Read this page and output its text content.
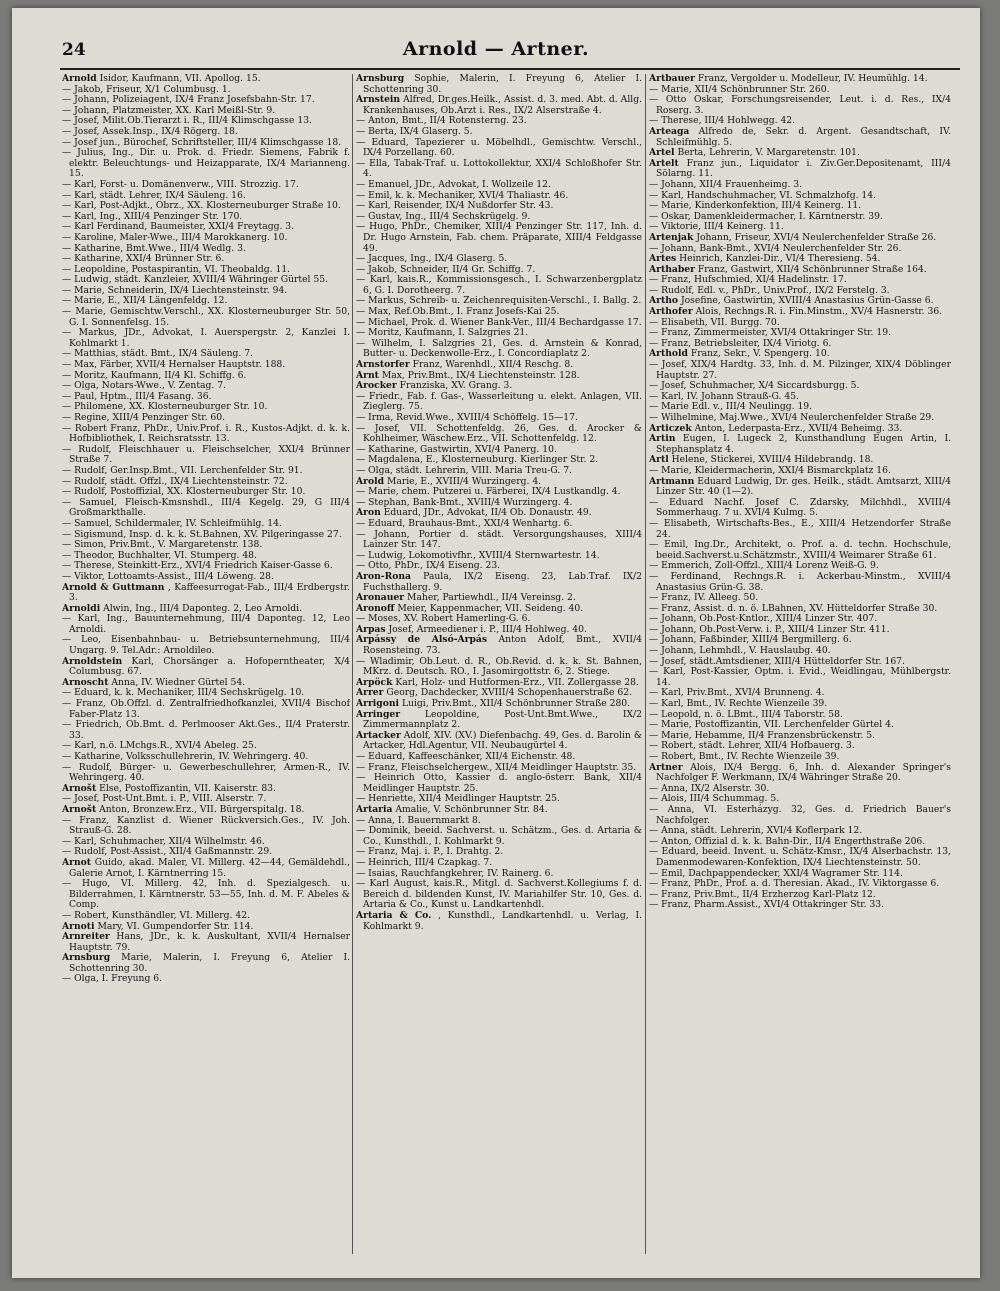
24	Arnold — Artner.

Arnold Isidor, Kaufmann, VII. Apollog. 15.

— Jakob, Friseur, X/1 Columbusg. 1.

— Johann, Polizeiagent, IX/4 Franz Josefsbahn-Str. 17.

— Johann, Platzmeister, XX. Karl Meißl-Str. 9.

— Josef, Milit.Ob.Tierarzt i. R., III/4 Klimschgasse 13.

— Josef, Assek.Insp., IX/4 Rögerg. 18.

— Josef jun., Bürochef, Schriftsteller, III/4 Klimschgasse 18.

— Julius, Ing., Dir. u. Prok. d. Friedr. Siemens, Fabrik f. elektr. Beleuchtungs- und Heizapparate, IX/4 Marianneng. 15.

— Karl, Forst- u. Domänenverw., VIII. Strozzig. 17.

— Karl, städt. Lehrer, IX/4 Säuleng. 16.

— Karl, Post-Adjkt., Obrz., XX. Klosterneuburger Straße 10.

— Karl, Ing., XIII/4 Penzinger Str. 170.

— Karl Ferdinand, Baumeister, XXI/4 Freytagg. 3.

— Karoline, Maler-Wwe., III/4 Marokkanerg. 10.

— Katharine, Bmt.Wwe., III/4 Wedlg. 3.

— Katharine, XXI/4 Brünner Str. 6.

— Leopoldine, Postaspirantin, VI. Theobaldg. 11.

— Ludwig, städt. Kanzleier, XVIII/4 Währinger Gürtel 55.

— Marie, Schneiderin, IX/4 Liechtensteinstr. 94.

— Marie, E., XII/4 Längenfeldg. 12.

— Marie, Gemischtw.Verschl., XX. Klosterneuburger Str. 50, G. I. Sonnenfelsg. 15.

— Markus, JDr., Advokat, I. Auerspergstr. 2, Kanzlei I. Kohlmarkt 1.

— Matthias, städt. Bmt., IX/4 Säuleng. 7.

— Max, Färber, XVII/4 Hernalser Hauptstr. 188.

— Moritz, Kaufmann, II/4 Kl. Schiffg. 6.

— Olga, Notars-Wwe., V. Zentag. 7.

— Paul, Hptm., III/4 Fasang. 36.

— Philomene, XX. Klosterneuburger Str. 10.

— Regine, XIII/4 Penzinger Str. 60.

— Robert Franz, PhDr., Univ.Prof. i. R., Kustos-Adjkt. d. k. k. Hofbibliothek, I. Reichsratsstr. 13.

— Rudolf, Fleischhauer u. Fleischselcher, XXI/4 Brünner Straße 7.

— Rudolf, Ger.Insp.Bmt., VII. Lerchenfelder Str. 91.

— Rudolf, städt. Offzl., IX/4 Liechtensteinstr. 72.

— Rudolf, Postoffizial, XX. Klosterneuburger Str. 10.

— Samuel, Fleisch-Kmsnshdl., III/4 Kegelg. 29, G III/4 Großmarkthalle.

— Samuel, Schildermaler, IV. Schleifmühlg. 14.

— Sigismund, Insp. d. k. k. St.Bahnen, XV. Pilgeringasse 27.

— Simon, Priv.Bmt., V. Margaretenstr. 138.

— Theodor, Buchhalter, VI. Stumperg. 48.

— Therese, Steinkitt-Erz., XVI/4 Friedrich Kaiser-Gasse 6.

— Viktor, Lottoamts-Assist., III/4 Löweng. 28.

Arnold & Guttmann , Kaffeesurrogat-Fab., III/4 Erdbergstr. 3.

Arnoldi Alwin, Ing., III/4 Daponteg. 2, Leo Arnoldi.

— Karl, Ing., Bauunternehmung, III/4 Daponteg. 12, Leo Arnoldi.

— Leo, Eisenbahnbau- u. Betriebsunternehmung, III/4 Ungarg. 9. Tel.Adr.: Arnoldileo.

Arnoldstein Karl, Chorsänger a. Hofoperntheater, X/4 Columbusg. 67.

Arnoscht Anna, IV. Wiedner Gürtel 54.

— Eduard, k. k. Mechaniker, III/4 Sechskrügelg. 10.

— Franz, Ob.Offzl. d. Zentralfriedhofkanzlei, XVII/4 Bischof Faber-Platz 13.

— Friedrich, Ob.Bmt. d. Perlmooser Akt.Ges., II/4 Praterstr. 33.

— Karl, n.ö. LMchgs.R., XVI/4 Abeleg. 25.

— Katharine, Volksschullehrerin, IV. Wehringerg. 40.

— Rudolf, Bürger- u. Gewerbeschullehrer, Armen-R., IV. Wehringerg. 40.

Arnošt Else, Postoffizantin, VII. Kaiserstr. 83.

— Josef, Post-Unt.Bmt. i. P., VIII. Alserstr. 7.

Arnošt Anton, Bronzew.Erz., VII. Bürgerspitalg. 18.

— Franz, Kanzlist d. Wiener Rückversich.Ges., IV. Joh. Strauß-G. 28.

— Karl, Schuhmacher, XII/4 Wilhelmstr. 46.

— Rudolf, Post-Assist., XII/4 Gaßmannstr. 29.

Arnot Guido, akad. Maler, VI. Millerg. 42—44, Gemäldehdl., Galerie Arnot, I. Kärntnerring 15.

— Hugo, VI. Millerg. 42, Inh. d. Spezialgesch. u. Bilderrahmen, I. Kärntnerstr. 53—55, Inh. d. M. F. Abeles & Comp.

— Robert, Kunsthändler, VI. Millerg. 42.

Arnoti Mary, VI. Gumpendorfer Str. 114.

Arnreiter Hans, JDr., k. k. Auskultant, XVII/4 Hernalser Hauptstr. 79.

Arnsburg Marie, Malerin, I. Freyung 6, Atelier I. Schottenring 30.

— Olga, I. Freyung 6.

Arnsburg Sophie, Malerin, I. Freyung 6, Atelier I. Schottenring 30.

Arnstein Alfred, Dr.ges.Heilk., Assist. d. 3. med. Abt. d. Allg. Krankenhauses, Ob.Arzt i. Res., IX/2 Alserstraße 4.

— Anton, Bmt., II/4 Rotensterng. 23.

— Berta, IX/4 Glaserg. 5.

— Eduard, Tapezierer u. Möbelhdl., Gemischtw. Verschl., IX/4 Porzellang. 60.

— Ella, Tabak-Traf. u. Lottokollektur, XXI/4 Schloßhofer Str. 4.

— Emanuel, JDr., Advokat, I. Wollzeile 12.

— Emil, k. k. Mechaniker, XVI/4 Thaliastr. 46.

— Karl, Reisender, IX/4 Nußdorfer Str. 43.

— Gustav, Ing., III/4 Sechskrügelg. 9.

— Hugo, PhDr., Chemiker, XIII/4 Penzinger Str. 117, Inh. d. Dr. Hugo Arnstein, Fab. chem. Präparate, XIII/4 Feldgasse 49.

— Jacques, Ing., IX/4 Glaserg. 5.

— Jakob, Schneider, II/4 Gr. Schiffg. 7.

— Karl, kais.R., Kommissionsgesch., I. Schwarzenbergplatz 6, G. I. Dorotheerg. 7.

— Markus, Schreib- u. Zeichenrequisiten-Verschl., I. Ballg. 2.

— Max, Ref.Ob.Bmt., I. Franz Josefs-Kai 25.

— Michael, Prok. d. Wiener Bank-Ver., III/4 Bechardgasse 17.

— Moritz, Kaufmann, I. Salzgries 21.

— Wilhelm, I. Salzgries 21, Ges. d. Arnstein & Konrad, Butter- u. Deckenwolle-Erz., I. Concordiaplatz 2.

Arnstorfer Franz, Warenhdl., XII/4 Reschg. 8.

Arnt Max, Priv.Bmt., IX/4 Liechtensteinstr. 128.

Arocker Franziska, XV. Grang. 3.

— Friedr., Fab. f. Gas-, Wasserleitung u. elekt. Anlagen, VII. Zieglerg. 75.

— Irma, Revid.Wwe., XVIII/4 Schöffelg. 15—17.

— Josef, VII. Schottenfeldg. 26, Ges. d. Arocker & Kohlheimer, Wäschew.Erz., VII. Schottenfeldg. 12.

— Katharine, Gastwirtin, XVI/4 Panerg. 10.

— Magdalena, E., Klosterneuburg. Kierlinger Str. 2.

— Olga, städt. Lehrerin, VIII. Maria Treu-G. 7.

Arold Marie, E., XVIII/4 Wurzingerg. 4.

— Marie, chem. Putzerei u. Färberei, IX/4 Lustkandlg. 4.

— Stephan, Bank-Bmt., XVIII/4 Wurzingerg. 4.

Aron Eduard, JDr., Advokat, II/4 Ob. Donaustr. 49.

— Eduard, Brauhaus-Bmt., XXI/4 Wenhartg. 6.

— Johann, Portier d. städt. Versorgungshauses, XIII/4 Lainzer Str. 147.

— Ludwig, Lokomotivfhr., XVIII/4 Sternwartestr. 14.

— Otto, PhDr., IX/4 Eiseng. 23.

Aron-Rona Paula, IX/2 Eiseng. 23, Lab.Traf. IX/2 Fuchsthallerg. 9.

Aronauer Maher, Partiewhdl., II/4 Vereinsg. 2.

Aronoff Meier, Kappenmacher, VII. Seideng. 40.

— Moses, XV. Robert Hamerling-G. 6.

Arpas Josef, Armeediener i. P., III/4 Hohlweg. 40.

Arpássy de Alsó-Arpás Anton Adolf, Bmt., XVII/4 Rosensteing. 73.

— Wladimir, Ob.Leut. d. R., Ob.Revid. d. k. k. St. Bahnen, MKrz. d. Deutsch. RO., I. Jasomirgottstr. 6, 2. Stiege.

Arpöck Karl, Holz- und Hutformen-Erz., VII. Zollergasse 28.

Arrer Georg, Dachdecker, XVIII/4 Schopenhauerstraße 62.

Arrigoni Luigi, Priv.Bmt., XII/4 Schönbrunner Straße 280.

Arringer	Leopoldine, Post-Unt.Bmt.Wwe., IX/2 Zimmermannplatz 2.

Artacker Adolf, XIV. (XV.) Diefenbachg. 49, Ges. d. Barolin & Artacker, Hdl.Agentur, VII. Neubaugürtel 4.

— Eduard, Kaffeeschänker, XII/4 Eichenstr. 48.

— Franz, Fleischselchergew., XII/4 Meidlinger Hauptstr. 35.

— Heinrich Otto, Kassier d. anglo-österr. Bank, XII/4 Meidlinger Hauptstr. 25.

— Henriette, XII/4 Meidlinger Hauptstr. 25.

Artaria Amalie, V. Schönbrunner Str. 84.

— Anna, I. Bauernmarkt 8.

— Dominik, beeid. Sachverst. u. Schätzm., Ges. d. Artaria & Co., Kunsthdl., I. Kohlmarkt 9.

— Franz, Maj. i. P., I. Drahtg. 2.

— Heinrich, III/4 Czapkag. 7.

— Isaias, Rauchfangkehrer, IV. Rainerg. 6.

— Karl August, kais.R., Mitgl. d. Sachverst.Kollegiums f. d. Bereich d. bildenden Kunst, IV. Mariahilfer Str. 10, Ges. d. Artaria & Co., Kunst u. Landkartenhdl.

Artaria & Co. , Kunsthdl., Landkartenhdl. u. Verlag, I. Kohlmarkt 9.

Artbauer Franz, Vergolder u. Modelleur, IV. Heumühlg. 14.

— Marie, XII/4 Schönbrunner Str. 260.

— Otto Oskar, Forschungsreisender, Leut. i. d. Res., IX/4 Roserg. 3.

— Therese, III/4 Hohlwegg. 42.

Arteaga Alfredo de, Sekr. d. Argent. Gesandtschaft, IV. Schleifmühlg. 5.

Artel Berta, Lehrerin, V. Margaretenstr. 101.

Artelt Franz jun., Liquidator i. Ziv.Ger.Depositenamt, III/4 Sölarng. 11.

— Johann, XII/4 Frauenheimg. 3.

— Karl, Handschuhmacher, VI. Schmalzhofg. 14.

— Marie, Kinderkonfektion, III/4 Keinerg. 11.

— Oskar, Damenkleidermacher, I. Kärntnerstr. 39.

— Viktorie, III/4 Keinerg. 11.

Artenjak Johann, Friseur, XVI/4 Neulerchenfelder Straße 26.

— Johann, Bank-Bmt., XVI/4 Neulerchenfelder Str. 26.

Artes Heinrich, Kanzlei-Dir., VI/4 Theresieng. 54.

Arthaber Franz, Gastwirt, XII/4 Schönbrunner Straße 164.

— Franz, Hufschmied, XI/4 Hadelinstr. 17.

— Rudolf, Edl. v., PhDr., Univ.Prof., IX/2 Ferstelg. 3.

Artho Josefine, Gastwirtin, XVIII/4 Anastasius Grün-Gasse 6.

Arthofer Alois, Rechngs.R. i. Fin.Minstm., XV/4 Hasnerstr. 36.

— Elisabeth, VII. Burgg. 70.

— Franz, Zimmermeister, XVI/4 Ottakringer Str. 19.

— Franz, Betriebsleiter, IX/4 Viriotg. 6.

Arthold Franz, Sekr., V. Spengerg. 10.

— Josef, XIX/4 Hardtg. 33, Inh. d. M. Pilzinger, XIX/4 Döblinger Hauptstr. 27.

— Josef, Schuhmacher, X/4 Siccardsburgg. 5.

— Karl, IV. Johann Strauß-G. 45.

— Marie Edl. v., III/4 Neulingg. 19.

— Wilhelmine, Maj.Wwe., XVI/4 Neulerchenfelder Straße 29.

Articzek Anton, Lederpasta-Erz., XVII/4 Beheimg. 33.

Artin Eugen, I. Lugeck 2, Kunsthandlung Eugen Artin, I. Stephansplatz 4.

Artl Helene, Stickerei, XVIII/4 Hildebrandg. 18.

— Marie, Kleidermacherin, XXI/4 Bismarckplatz 16.

Artmann Eduard Ludwig, Dr. ges. Heilk., städt. Amtsarzt, XIII/4 Linzer Str. 40 (1—2).

— Eduard Nachf. Josef C. Zdarsky, Milchhdl., XVIII/4 Sommerhaug. 7 u. XVI/4 Kulmg. 5.

— Elisabeth, Wirtschafts-Bes., E., XIII/4 Hetzendorfer Straße 24.

— Emil, Ing.Dr., Architekt, o. Prof. a. d. techn. Hochschule, beeid.Sachverst.u.Schätzmstr., XVIII/4 Weimarer Straße 61.

— Emmerich, Zoll-Offzl., XIII/4 Lorenz Weiß-G. 9.

— Ferdinand, Rechngs.R. i. Ackerbau-Minstm., XVIII/4 Anastasius Grün-G. 38.

— Franz, IV. Alleeg. 50.

— Franz, Assist. d. n. ö. LBahnen, XV. Hütteldorfer Straße 30.

— Johann, Ob.Post-Kntlor., XIII/4 Linzer Str. 407.

— Johann, Ob.Post-Verw. i. P., XIII/4 Linzer Str. 411.

— Johann, Faßbinder, XIII/4 Bergmillerg. 6.

— Johann, Lehmhdl., V. Hauslaubg. 40.

— Josef, städt.Amtsdiener, XIII/4 Hütteldorfer Str. 167.

— Karl, Post-Kassier, Optm. i. Evid., Weidlingau, Mühlbergstr. 14.

— Karl, Priv.Bmt., XVI/4 Brunneng. 4.

— Karl, Bmt., IV. Rechte Wienzeile 39.

— Leopold, n. ö. LBmt., III/4 Taborstr. 58.

— Marie, Postoffizantin, VII. Lerchenfelder Gürtel 4.

— Marie, Hebamme, II/4 Franzensbrückenstr. 5.

— Robert, städt. Lehrer, XII/4 Hofbauerg. 3.

— Robert, Bmt., IV. Rechte Wienzeile 39.

Artner Alois, IX/4 Bergg. 6, Inh. d. Alexander Springer's Nachfolger F. Werkmann, IX/4 Währinger Straße 20.

— Anna, IX/2 Alserstr. 30.

— Alois, III/4 Schummag. 5.

— Anna, VI. Esterházyg. 32, Ges. d. Friedrich Bauer's Nachfolger.

— Anna, städt. Lehrerin, XVI/4 Koflerpark 12.

— Anton, Offizial d. k. k. Bahn-Dir., II/4 Engerthstraße 206.

— Eduard, beeid. Invent. u. Schätz-Kmsr., IX/4 Alserbachstr. 13, Damenmodewaren-Konfektion, IX/4 Liechtensteinstr. 50.

— Emil, Dachpappendecker, XXI/4 Wagramer Str. 114.

— Franz, PhDr., Prof. a. d. Theresian. Akad., IV. Viktorgasse 6.

— Franz, Priv.Bmt., II/4 Erzherzog Karl-Platz 12.

— Franz, Pharm.Assist., XVI/4 Ottakringer Str. 33.
